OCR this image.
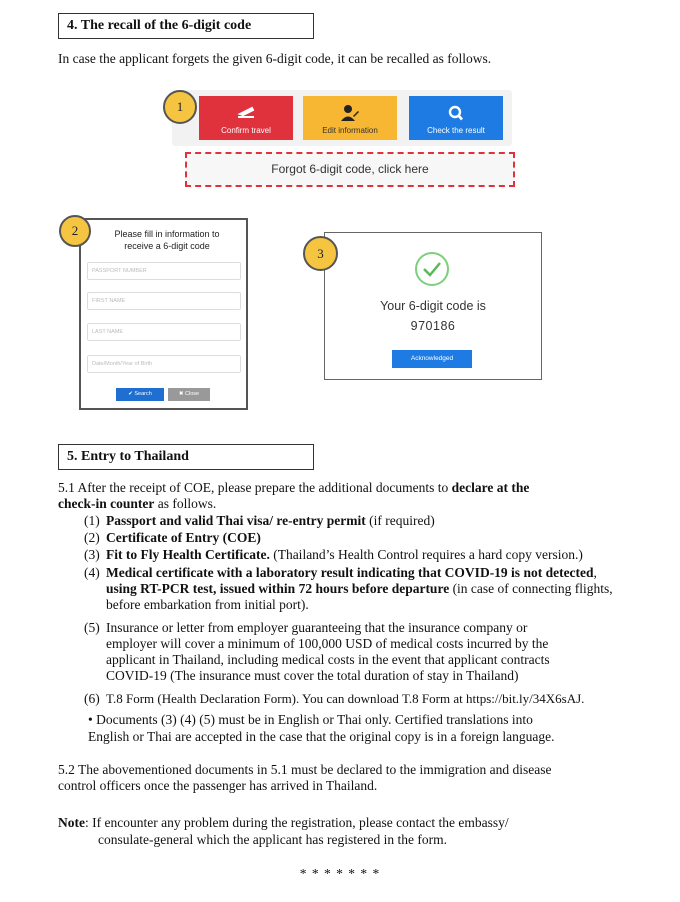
4. The recall of the 6-digit code
In case the applicant forgets the given 6-digit code, it can be recalled as follows.
1
Confirm travel	Edit information	Check the result
Forgot 6-digit code, click here
2	Please fill in information to
receive a 6-digit code
PASSPORT NUMBER
FIRST NAME
LAST NAME
Date/Month/Year of Birth
✔ Search	✖ Close
3
Your 6-digit code is
970186
Acknowledged
5. Entry to Thailand
5.1 After the receipt of COE, please prepare the additional documents to declare at the
check-in counter as follows.
(1) Passport and valid Thai visa/ re-entry permit (if required)
(2) Certificate of Entry (COE)
(3) Fit to Fly Health Certificate. (Thailand’s Health Control requires a hard copy version.)
(4) Medical certificate with a laboratory result indicating that COVID-19 is not detected,
using RT-PCR test, issued within 72 hours before departure (in case of connecting flights,
before embarkation from initial port).
(5) Insurance or letter from employer guaranteeing that the insurance company or
employer will cover a minimum of 100,000 USD of medical costs incurred by the
applicant in Thailand, including medical costs in the event that applicant contracts
COVID-19 (The insurance must cover the total duration of stay in Thailand)
(6) T.8 Form (Health Declaration Form). You can download T.8 Form at https://bit.ly/34X6sAJ.
• Documents (3) (4) (5) must be in English or Thai only. Certified translations into
English or Thai are accepted in the case that the original copy is in a foreign language.
5.2 The abovementioned documents in 5.1 must be declared to the immigration and disease
control officers once the passenger has arrived in Thailand.
Note: If encounter any problem during the registration, please contact the embassy/
consulate-general which the applicant has registered in the form.
* * * * * * *
